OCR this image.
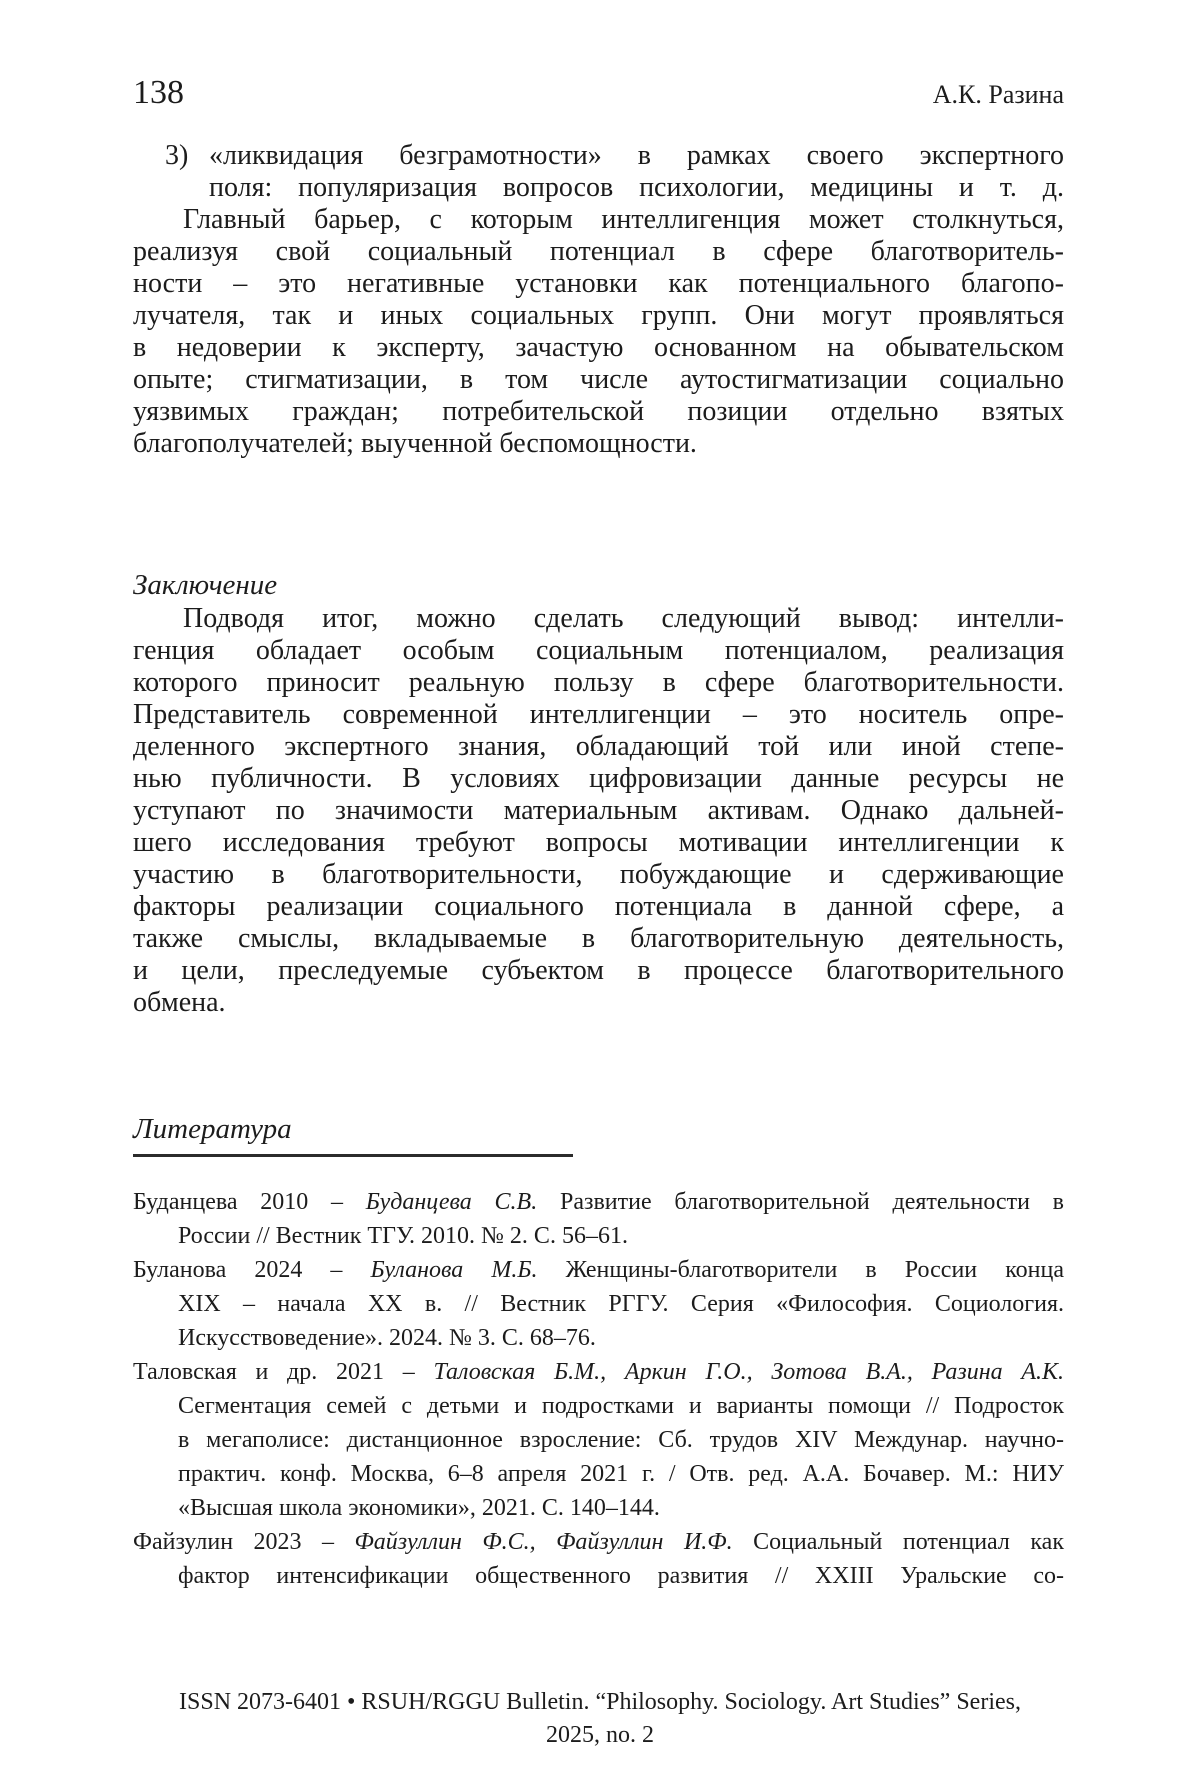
138	А.К. Разина
3) «ликвидация безграмотности» в рамках своего экспертного
поля: популяризация вопросов психологии, медицины и т. д.
Главный барьер, с которым интеллигенция может столкнуться,
реализуя свой социальный потенциал в сфере благотворитель-
ности – это негативные установки как потенциального благопо-
лучателя, так и иных социальных групп. Они могут проявляться
в недоверии к эксперту, зачастую основанном на обывательском
опыте; стигматизации, в том числе аутостигматизации социально
уязвимых граждан; потребительской позиции отдельно взятых
благополучателей; выученной беспомощности.
Заключение
Подводя итог, можно сделать следующий вывод: интелли-
генция обладает особым социальным потенциалом, реализация
которого приносит реальную пользу в сфере благотворительности.
Представитель современной интеллигенции – это носитель опре-
деленного экспертного знания, обладающий той или иной степе-
нью публичности. В условиях цифровизации данные ресурсы не
уступают по значимости материальным активам. Однако дальней-
шего исследования требуют вопросы мотивации интеллигенции к
участию в благотворительности, побуждающие и сдерживающие
факторы реализации социального потенциала в данной сфере, а
также смыслы, вкладываемые в благотворительную деятельность,
и цели, преследуемые субъектом в процессе благотворительного
обмена.
Литература
Буданцева 2010 – Буданцева С.В. Развитие благотворительной деятельности в
России // Вестник ТГУ. 2010. № 2. С. 56–61.
Буланова 2024 – Буланова М.Б. Женщины-благотворители в России конца
XIX – начала XX в. // Вестник РГГУ. Серия «Философия. Социология.
Искусствоведение». 2024. № 3. С. 68–76.
Таловская и др. 2021 – Таловская Б.М., Аркин Г.О., Зотова В.А., Разина А.К.
Сегментация семей с детьми и подростками и варианты помощи // Подросток
в мегаполисе: дистанционное взросление: Сб. трудов XIV Междунар. научно-
практич. конф. Москва, 6–8 апреля 2021 г. / Отв. ред. А.А. Бочавер. М.: НИУ
«Высшая школа экономики», 2021. С. 140–144.
Файзулин 2023 – Файзуллин Ф.С., Файзуллин И.Ф. Социальный потенциал как
фактор интенсификации общественного развития // XXIII Уральские со-
ISSN 2073-6401 • RSUH/RGGU Bulletin. “Philosophy. Sociology. Art Studies” Series,
2025, no. 2
